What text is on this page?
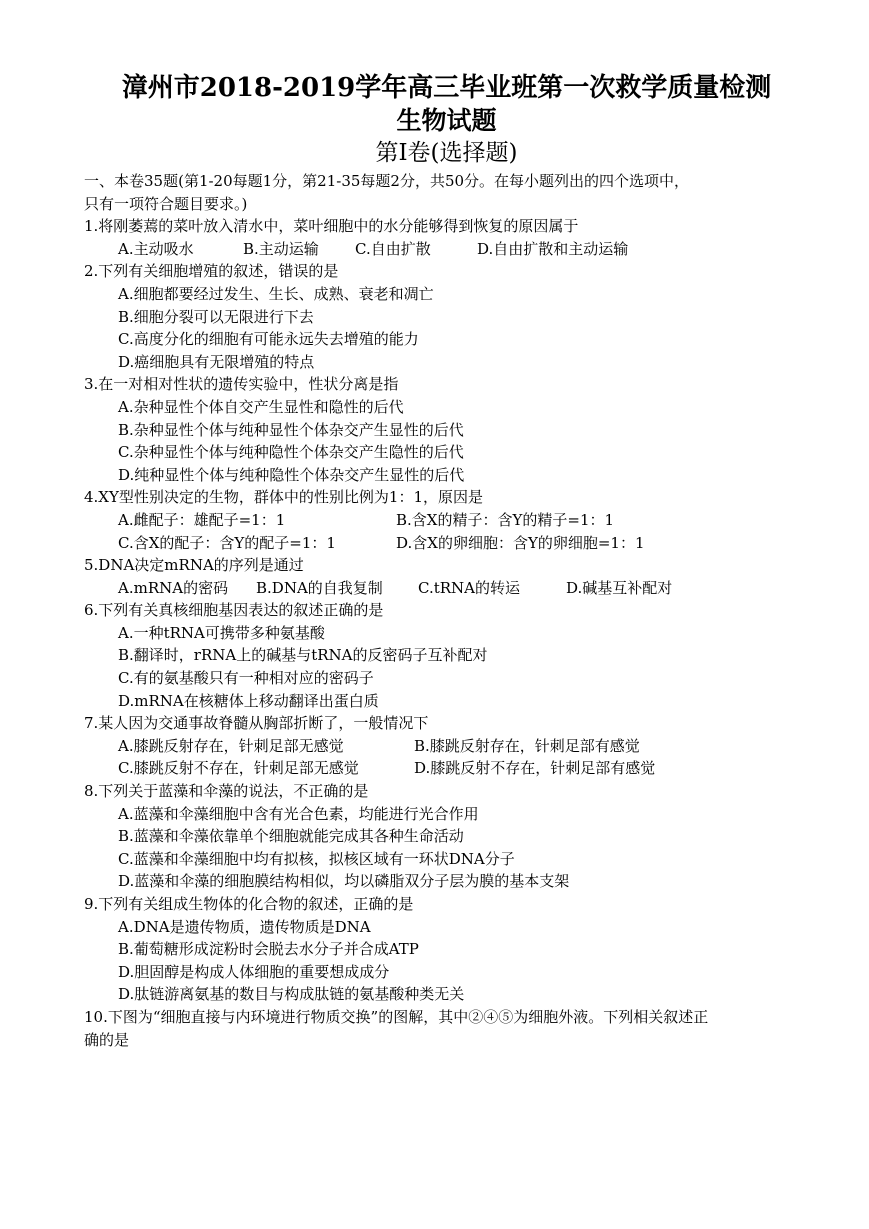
漳州市2018-2019学年高三毕业班第一次救学质量检测

生物试题

第I卷(选择题)

一、本卷35题(第1-20每题1分，第21-35每题2分，共50分。在每小题列出的四个选项中，

只有一项符合题目要求。)

1.将刚萎蔫的菜叶放入清水中，菜叶细胞中的水分能够得到恢复的原因属于

A.主动吸水	B.主动运输	C.自由扩散	D.自由扩散和主动运输

2.下列有关细胞增殖的叙述，错误的是

A.细胞都要经过发生、生长、成熟、衰老和凋亡

B.细胞分裂可以无限进行下去

C.高度分化的细胞有可能永远失去增殖的能力

D.癌细胞具有无限增殖的特点

3.在一对相对性状的遗传实验中，性状分离是指

A.杂种显性个体自交产生显性和隐性的后代

B.杂种显性个体与纯种显性个体杂交产生显性的后代

C.杂种显性个体与纯种隐性个体杂交产生隐性的后代

D.纯种显性个体与纯种隐性个体杂交产生显性的后代

4.XY型性别决定的生物，群体中的性别比例为1：1，原因是

A.雌配子：雄配子=1：1	B.含X的精子：含Y的精子=1：1
C.含X的配子：含Y的配子=1：1	D.含X的卵细胞：含Y的卵细胞=1：1

5.DNA决定mRNA的序列是通过

A.mRNA的密码	B.DNA的自我复制	C.tRNA的转运	D.碱基互补配对

6.下列有关真核细胞基因表达的叙述正确的是

A.一种tRNA可携带多种氨基酸

B.翻译时，rRNA上的碱基与tRNA的反密码子互补配对

C.有的氨基酸只有一种相对应的密码子

D.mRNA在核糖体上移动翻译出蛋白质

7.某人因为交通事故脊髓从胸部折断了，一般情况下

A.膝跳反射存在，针刺足部无感觉	B.膝跳反射存在，针刺足部有感觉
C.膝跳反射不存在，针刺足部无感觉	D.膝跳反射不存在，针刺足部有感觉

8.下列关于蓝藻和伞藻的说法，不正确的是

A.蓝藻和伞藻细胞中含有光合色素，均能进行光合作用

B.蓝藻和伞藻依靠单个细胞就能完成其各种生命活动

C.蓝藻和伞藻细胞中均有拟核，拟核区域有一环状DNA分子

D.蓝藻和伞藻的细胞膜结构相似，均以磷脂双分子层为膜的基本支架

9.下列有关组成生物体的化合物的叙述，正确的是

A.DNA是遗传物质，遗传物质是DNA

B.葡萄糖形成淀粉时会脱去水分子并合成ATP

D.胆固醇是构成人体细胞的重要想成成分

D.肽链游离氨基的数目与构成肽链的氨基酸种类无关

10.下图为“细胞直接与内环境进行物质交换”的图解，其中②④⑤为细胞外液。下列相关叙述正

确的是
